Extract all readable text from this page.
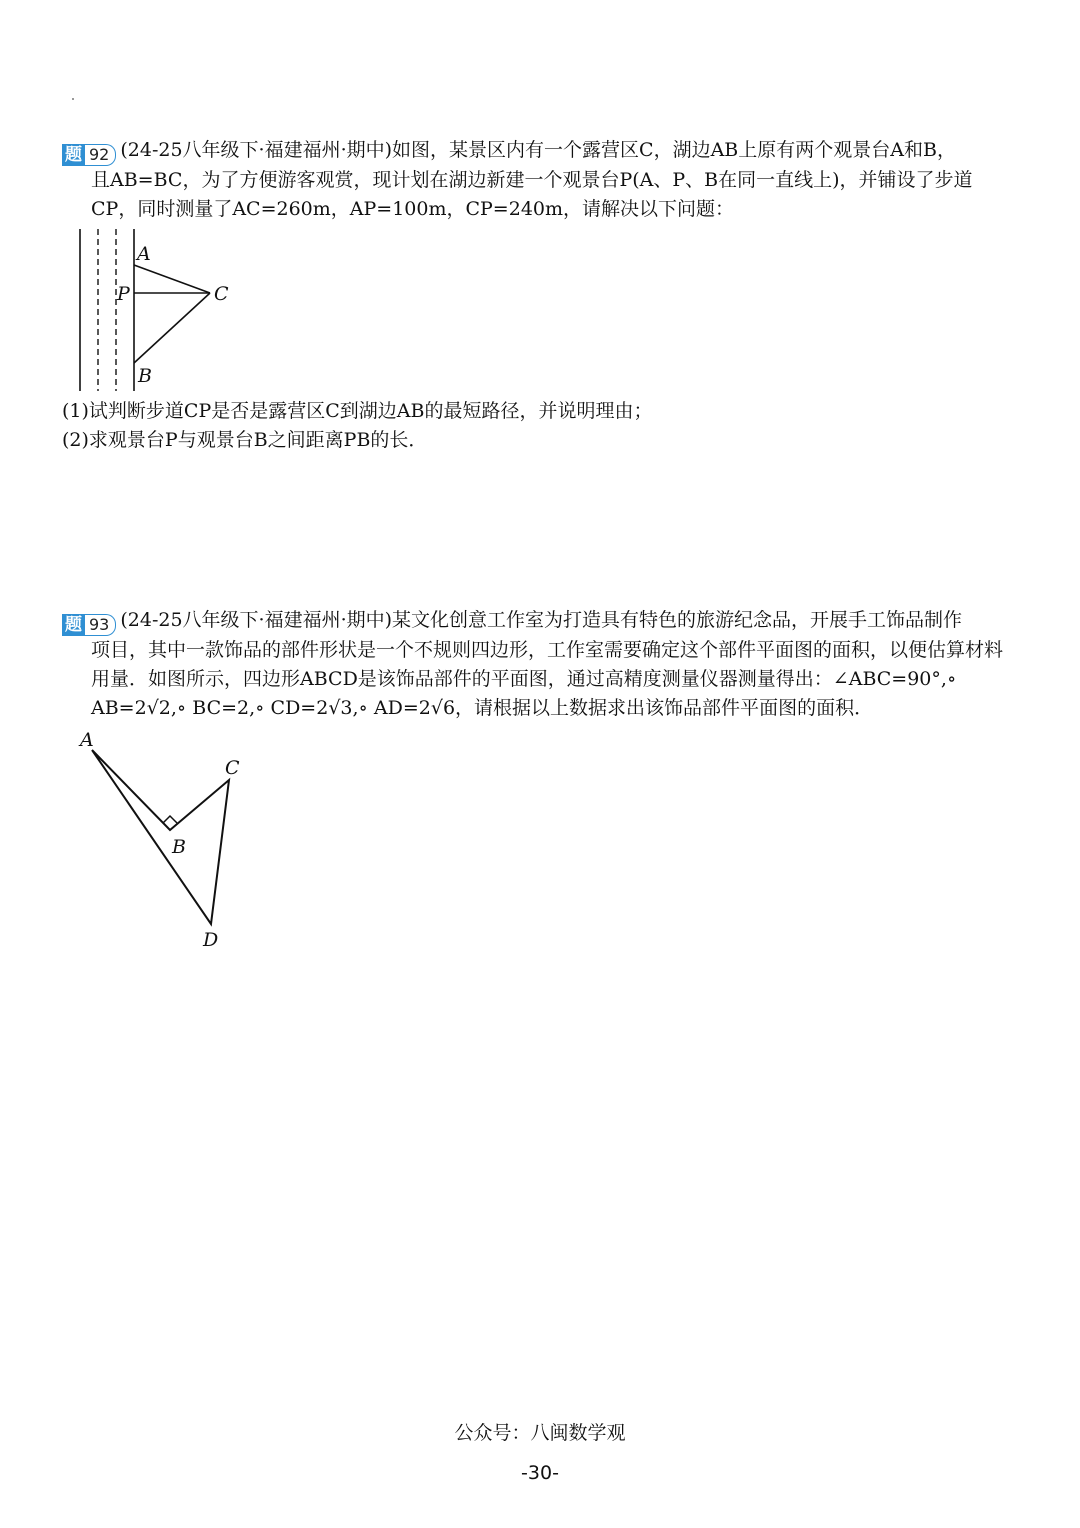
题 92 (24-25八年级下·福建福州·期中)如图，某景区内有一个露营区C，湖边AB上原有两个观景台A和B，

且AB=BC，为了方便游客观赏，现计划在湖边新建一个观景台P(A、P、B在同一直线上)，并铺设了步道

CP，同时测量了AC=260m，AP=100m，CP=240m，请解决以下问题：

A
P	C
B
(1)试判断步道CP是否是露营区C到湖边AB的最短路径，并说明理由；
(2)求观景台P与观景台B之间距离PB的长．

题 93 (24-25八年级下·福建福州·期中)某文化创意工作室为打造具有特色的旅游纪念品，开展手工饰品制作

项目，其中一款饰品的部件形状是一个不规则四边形，工作室需要确定这个部件平面图的面积，以便估算材料

用量．如图所示，四边形ABCD是该饰品部件的平面图，通过高精度测量仪器测量得出：∠ABC=90°,∘

AB=2√2,∘ BC=2,∘ CD=2√3,∘ AD=2√6，请根据以上数据求出该饰品部件平面图的面积．

A
C
B
D
公众号：八闽数学观
-30-
